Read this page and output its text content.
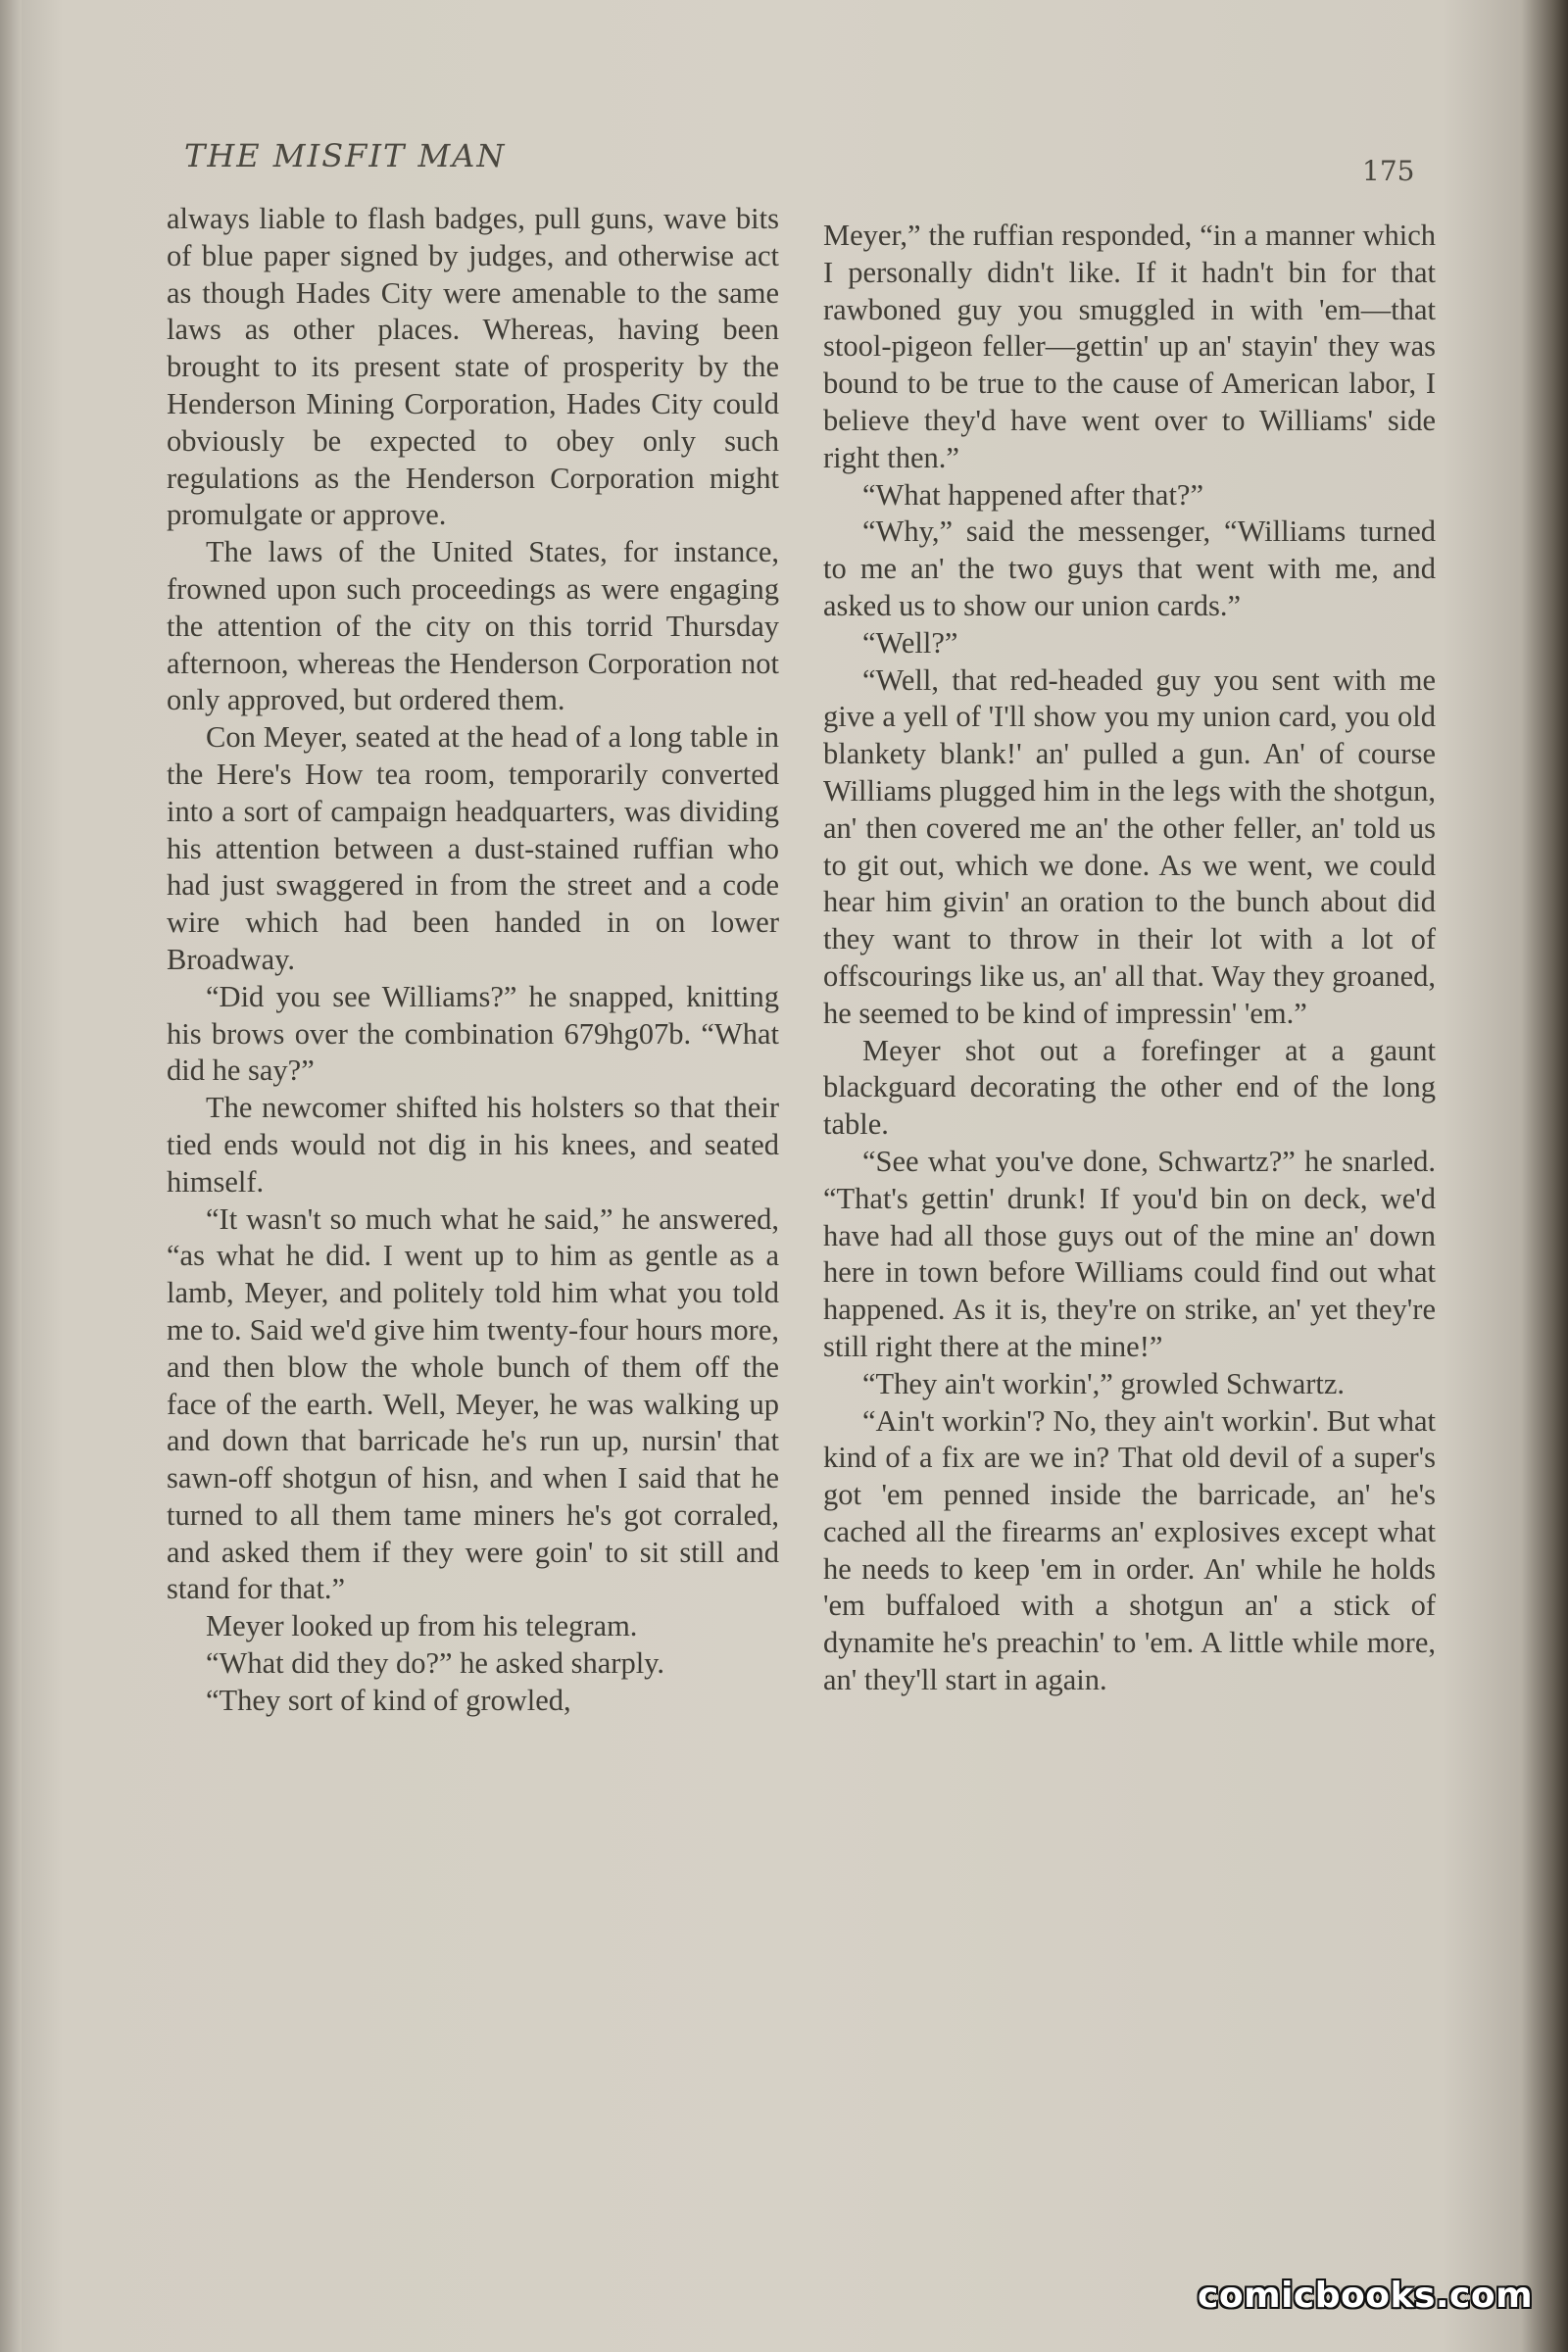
THE MISFIT MAN	175

always liable to flash badges, pull guns, wave bits of blue paper signed by judges, and otherwise act as though Hades City were amenable to the same laws as other places. Whereas, having been brought to its present state of prosperity by the Henderson Mining Corporation, Hades City could obviously be expected to obey only such regulations as the Henderson Corporation might promulgate or approve.

The laws of the United States, for instance, frowned upon such proceedings as were engaging the attention of the city on this torrid Thursday afternoon, whereas the Henderson Corporation not only approved, but ordered them.

Con Meyer, seated at the head of a long table in the Here's How tea room, temporarily converted into a sort of campaign headquarters, was dividing his attention between a dust-stained ruffian who had just swaggered in from the street and a code wire which had been handed in on lower Broadway.

“Did you see Williams?” he snapped, knitting his brows over the combination 679hg07b. “What did he say?”

The newcomer shifted his holsters so that their tied ends would not dig in his knees, and seated himself.

“It wasn't so much what he said,” he answered, “as what he did. I went up to him as gentle as a lamb, Meyer, and politely told him what you told me to. Said we'd give him twenty-four hours more, and then blow the whole bunch of them off the face of the earth. Well, Meyer, he was walking up and down that barricade he's run up, nursin' that sawn-off shotgun of hisn, and when I said that he turned to all them tame miners he's got corraled, and asked them if they were goin' to sit still and stand for that.”

Meyer looked up from his telegram.

“What did they do?” he asked sharply.

“They sort of kind of growled,

Meyer,” the ruffian responded, “in a manner which I personally didn't like. If it hadn't bin for that rawboned guy you smuggled in with 'em—that stool-pigeon feller—gettin' up an' stayin' they was bound to be true to the cause of American labor, I believe they'd have went over to Williams' side right then.”

“What happened after that?”

“Why,” said the messenger, “Williams turned to me an' the two guys that went with me, and asked us to show our union cards.”

“Well?”

“Well, that red-headed guy you sent with me give a yell of 'I'll show you my union card, you old blankety blank!' an' pulled a gun. An' of course Williams plugged him in the legs with the shotgun, an' then covered me an' the other feller, an' told us to git out, which we done. As we went, we could hear him givin' an oration to the bunch about did they want to throw in their lot with a lot of offscourings like us, an' all that. Way they groaned, he seemed to be kind of impressin' 'em.”

Meyer shot out a forefinger at a gaunt blackguard decorating the other end of the long table.

“See what you've done, Schwartz?” he snarled. “That's gettin' drunk! If you'd bin on deck, we'd have had all those guys out of the mine an' down here in town before Williams could find out what happened. As it is, they're on strike, an' yet they're still right there at the mine!”

“They ain't workin',” growled Schwartz.

“Ain't workin'? No, they ain't workin'. But what kind of a fix are we in? That old devil of a super's got 'em penned inside the barricade, an' he's cached all the firearms an' explosives except what he needs to keep 'em in order. An' while he holds 'em buffaloed with a shotgun an' a stick of dynamite he's preachin' to 'em. A little while more, an' they'll start in again.

comicbooks.com
